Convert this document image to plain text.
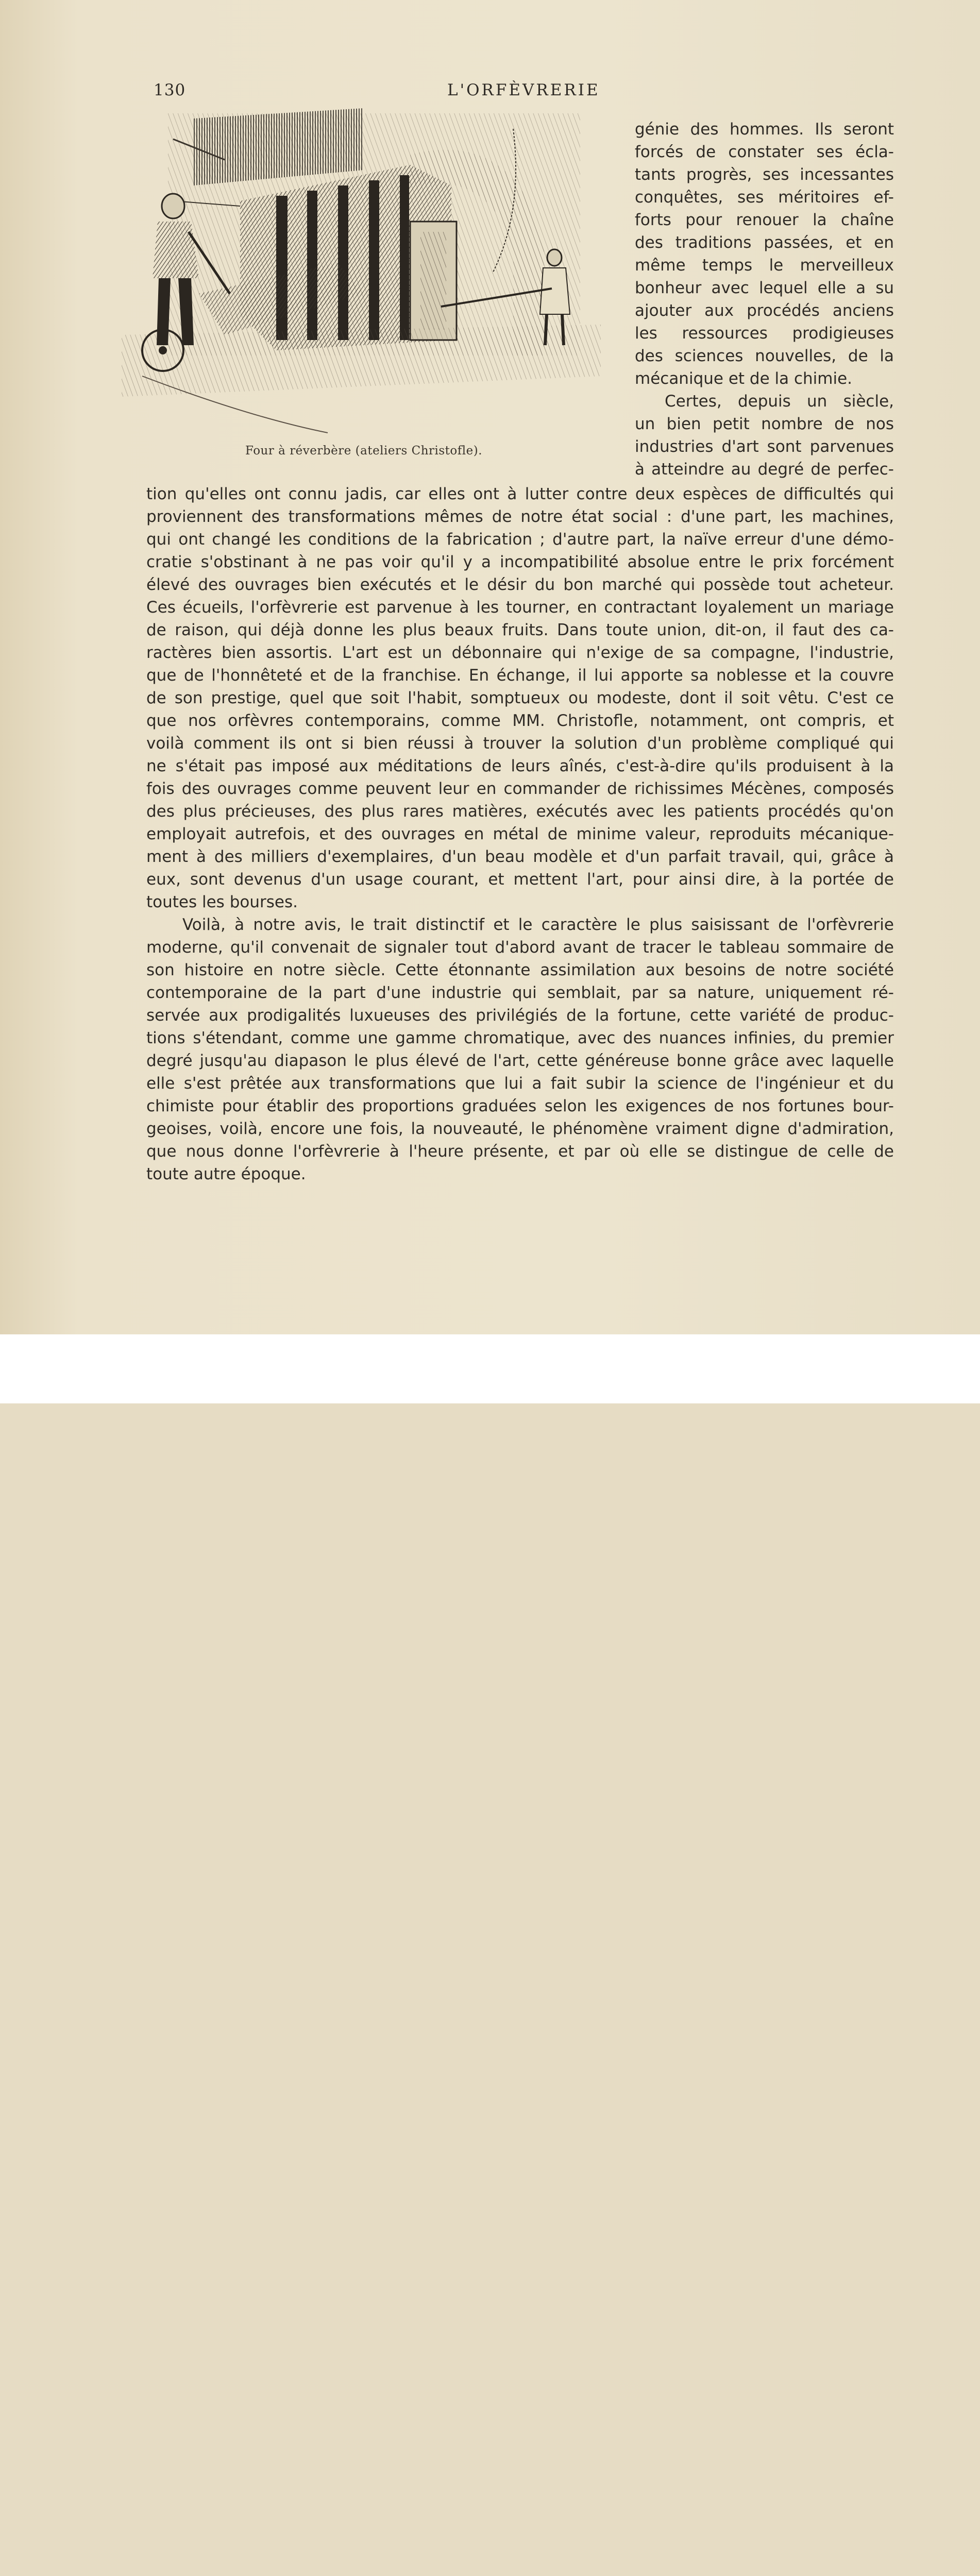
130	L'ORFÈVRERIE
Four à réverbère (ateliers Christofle).
génie des hommes. Ils seront
forcés de constater ses écla-
tants progrès, ses incessantes
conquêtes, ses méritoires ef-
forts pour renouer la chaîne
des traditions passées, et en
même temps le merveilleux
bonheur avec lequel elle a su
ajouter aux procédés anciens
les ressources prodigieuses
des sciences nouvelles, de la
mécanique et de la chimie.
Certes, depuis un siècle,
un bien petit nombre de nos
industries d'art sont parvenues
à atteindre au degré de perfec-
tion qu'elles ont connu jadis, car elles ont à lutter contre deux espèces de difficultés qui
proviennent des transformations mêmes de notre état social : d'une part, les machines,
qui ont changé les conditions de la fabrication ; d'autre part, la naïve erreur d'une démo-
cratie s'obstinant à ne pas voir qu'il y a incompatibilité absolue entre le prix forcément
élevé des ouvrages bien exécutés et le désir du bon marché qui possède tout acheteur.
Ces écueils, l'orfèvrerie est parvenue à les tourner, en contractant loyalement un mariage
de raison, qui déjà donne les plus beaux fruits. Dans toute union, dit-on, il faut des ca-
ractères bien assortis. L'art est un débonnaire qui n'exige de sa compagne, l'industrie,
que de l'honnêteté et de la franchise. En échange, il lui apporte sa noblesse et la couvre
de son prestige, quel que soit l'habit, somptueux ou modeste, dont il soit vêtu. C'est ce
que nos orfèvres contemporains, comme MM. Christofle, notamment, ont compris, et
voilà comment ils ont si bien réussi à trouver la solution d'un problème compliqué qui
ne s'était pas imposé aux méditations de leurs aînés, c'est-à-dire qu'ils produisent à la
fois des ouvrages comme peuvent leur en commander de richissimes Mécènes, composés
des plus précieuses, des plus rares matières, exécutés avec les patients procédés qu'on
employait autrefois, et des ouvrages en métal de minime valeur, reproduits mécanique-
ment à des milliers d'exemplaires, d'un beau modèle et d'un parfait travail, qui, grâce à
eux, sont devenus d'un usage courant, et mettent l'art, pour ainsi dire, à la portée de
toutes les bourses.
Voilà, à notre avis, le trait distinctif et le caractère le plus saisissant de l'orfèvrerie
moderne, qu'il convenait de signaler tout d'abord avant de tracer le tableau sommaire de
son histoire en notre siècle. Cette étonnante assimilation aux besoins de notre société
contemporaine de la part d'une industrie qui semblait, par sa nature, uniquement ré-
servée aux prodigalités luxueuses des privilégiés de la fortune, cette variété de produc-
tions s'étendant, comme une gamme chromatique, avec des nuances infinies, du premier
degré jusqu'au diapason le plus élevé de l'art, cette généreuse bonne grâce avec laquelle
elle s'est prêtée aux transformations que lui a fait subir la science de l'ingénieur et du
chimiste pour établir des proportions graduées selon les exigences de nos fortunes bour-
geoises, voilà, encore une fois, la nouveauté, le phénomène vraiment digne d'admiration,
que nous donne l'orfèvrerie à l'heure présente, et par où elle se distingue de celle de
toute autre époque.
